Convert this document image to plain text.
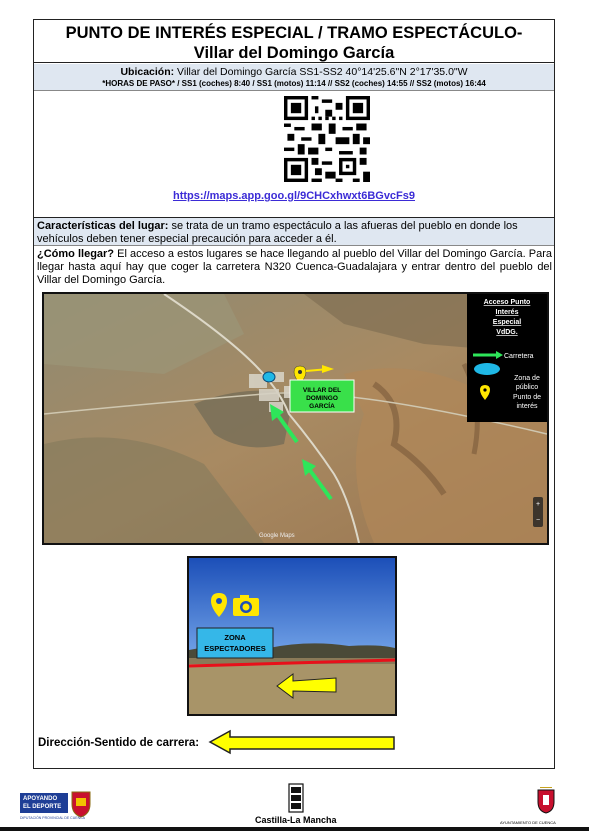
PUNTO DE INTERÉS ESPECIAL / TRAMO ESPECTÁCULO-
Villar del Domingo García
Ubicación: Villar del Domingo García SS1-SS2 40°14'25.6"N 2°17'35.0"W
*HORAS DE PASO* / SS1 (coches) 8:40 / SS1 (motos) 11:14 // SS2 (coches) 14:55 // SS2 (motos) 16:44
https://maps.app.goo.gl/9CHCxhwxt6BGvcFs9
Características del lugar: se trata de un tramo espectáculo a las afueras del pueblo en donde los vehículos deben tener especial precaución para acceder a él.
¿Cómo llegar? El acceso a estos lugares se hace llegando al pueblo del Villar del Domingo García. Para llegar hasta aquí hay que coger la carretera N320 Cuenca-Guadalajara y entrar dentro del pueblo del Villar del Domingo García.
VILLAR DEL
DOMINGO
GARCÍA
Acceso Punto
Interés
Especial
VdDG.
Carretera
Zona de
público
Punto de
interés
+
−
Google Maps
ZONA
ESPECTADORES
Dirección-Sentido de carrera:
APOYANDO
EL DEPORTE
DIPUTACIÓN PROVINCIAL DE CUENCA	Castilla-La Mancha	AYUNTAMIENTO DE CUENCA
